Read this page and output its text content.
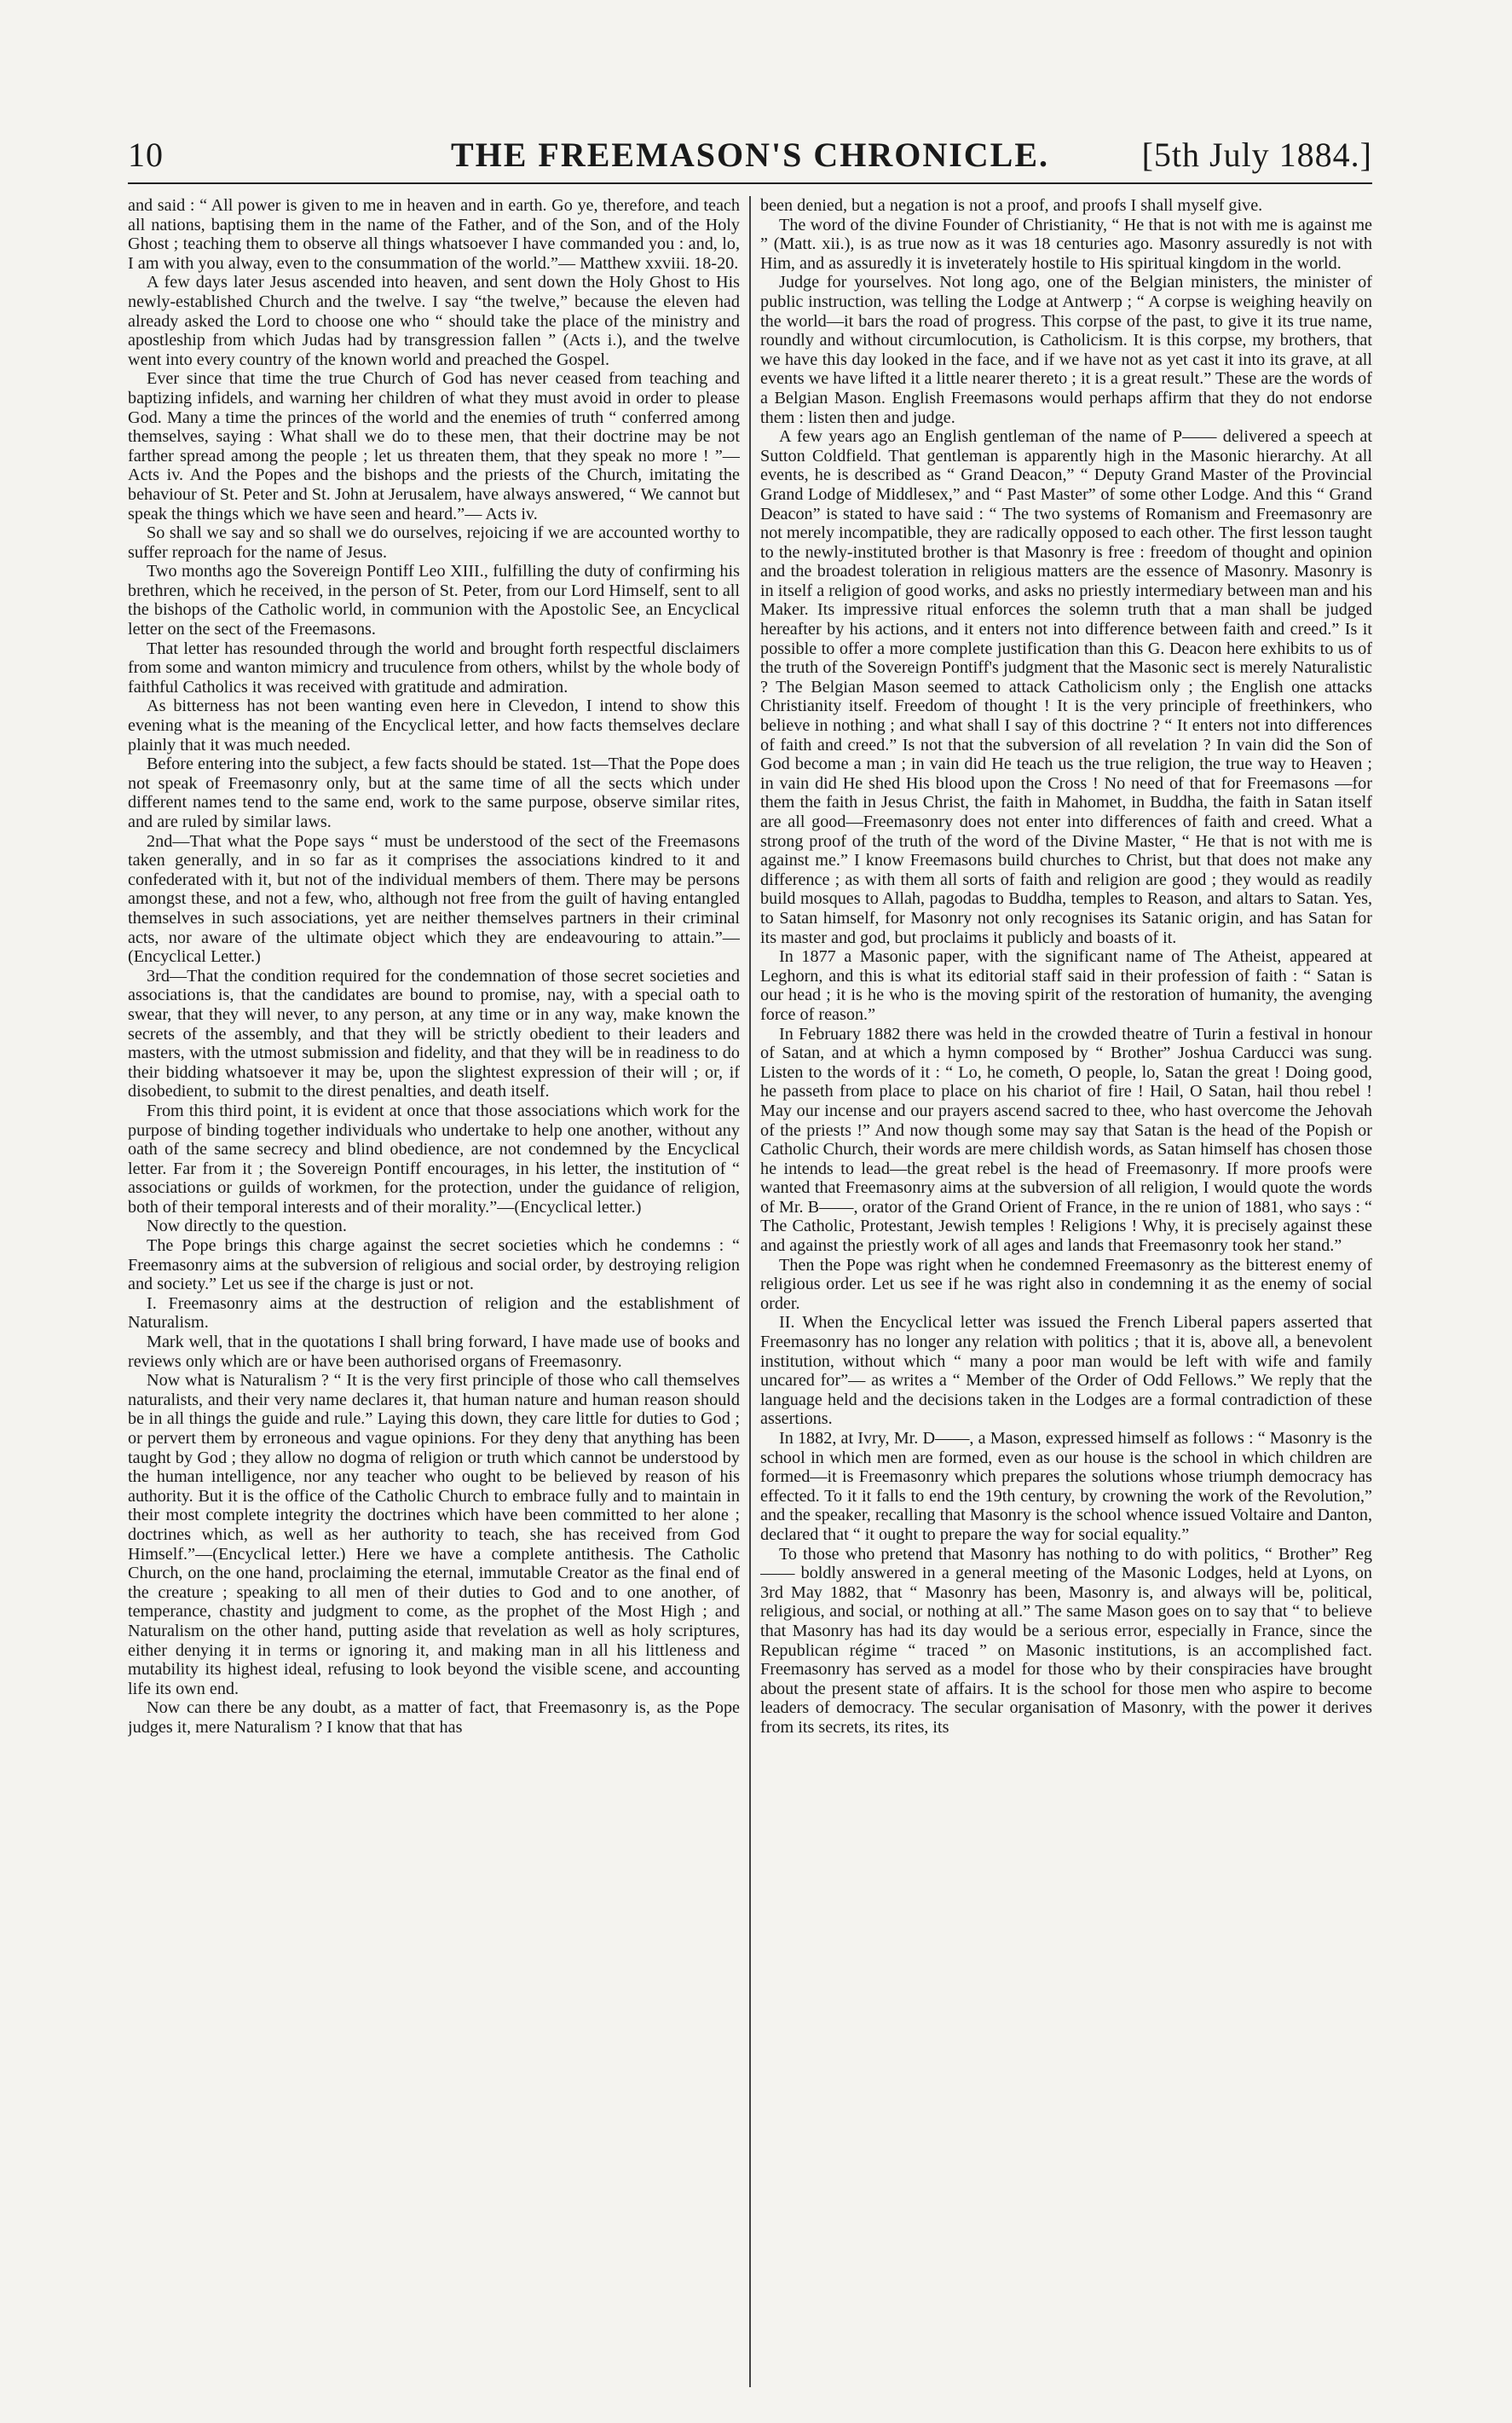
10	THE FREEMASON'S CHRONICLE.	[5th July 1884.]

and said : “ All power is given to me in heaven and in earth. Go ye, therefore, and teach all nations, baptising them in the name of the Father, and of the Son, and of the Holy Ghost ; teaching them to observe all things whatsoever I have commanded you : and, lo, I am with you alway, even to the consummation of the world.”— Matthew xxviii. 18-20.

A few days later Jesus ascended into heaven, and sent down the Holy Ghost to His newly-established Church and the twelve. I say “the twelve,” because the eleven had already asked the Lord to choose one who “ should take the place of the ministry and apostleship from which Judas had by transgression fallen ” (Acts i.), and the twelve went into every country of the known world and preached the Gospel.

Ever since that time the true Church of God has never ceased from teaching and baptizing infidels, and warning her children of what they must avoid in order to please God. Many a time the princes of the world and the enemies of truth “ conferred among themselves, saying : What shall we do to these men, that their doctrine may be not farther spread among the people ; let us threaten them, that they speak no more ! ”—Acts iv. And the Popes and the bishops and the priests of the Church, imitating the behaviour of St. Peter and St. John at Jerusalem, have always answered, “ We cannot but speak the things which we have seen and heard.”— Acts iv.

So shall we say and so shall we do ourselves, rejoicing if we are accounted worthy to suffer reproach for the name of Jesus.

Two months ago the Sovereign Pontiff Leo XIII., fulfilling the duty of confirming his brethren, which he received, in the person of St. Peter, from our Lord Himself, sent to all the bishops of the Catholic world, in communion with the Apostolic See, an Encyclical letter on the sect of the Freemasons.

That letter has resounded through the world and brought forth respectful disclaimers from some and wanton mimicry and truculence from others, whilst by the whole body of faithful Catholics it was received with gratitude and admiration.

As bitterness has not been wanting even here in Clevedon, I intend to show this evening what is the meaning of the Encyclical letter, and how facts themselves declare plainly that it was much needed.

Before entering into the subject, a few facts should be stated. 1st—That the Pope does not speak of Freemasonry only, but at the same time of all the sects which under different names tend to the same end, work to the same purpose, observe similar rites, and are ruled by similar laws.

2nd—That what the Pope says “ must be understood of the sect of the Freemasons taken generally, and in so far as it comprises the associations kindred to it and confederated with it, but not of the individual members of them. There may be persons amongst these, and not a few, who, although not free from the guilt of having entangled themselves in such associations, yet are neither themselves partners in their criminal acts, nor aware of the ultimate object which they are endeavouring to attain.”—(Encyclical Letter.)

3rd—That the condition required for the condemnation of those secret societies and associations is, that the candidates are bound to promise, nay, with a special oath to swear, that they will never, to any person, at any time or in any way, make known the secrets of the assembly, and that they will be strictly obedient to their leaders and masters, with the utmost submission and fidelity, and that they will be in readiness to do their bidding whatsoever it may be, upon the slightest expression of their will ; or, if disobedient, to submit to the direst penalties, and death itself.

From this third point, it is evident at once that those associations which work for the purpose of binding together individuals who undertake to help one another, without any oath of the same secrecy and blind obedience, are not condemned by the Encyclical letter. Far from it ; the Sovereign Pontiff encourages, in his letter, the institution of “ associations or guilds of workmen, for the protection, under the guidance of religion, both of their temporal interests and of their morality.”—(Encyclical letter.)

Now directly to the question.

The Pope brings this charge against the secret societies which he condemns : “ Freemasonry aims at the subversion of religious and social order, by destroying religion and society.” Let us see if the charge is just or not.

I. Freemasonry aims at the destruction of religion and the establishment of Naturalism.

Mark well, that in the quotations I shall bring forward, I have made use of books and reviews only which are or have been authorised organs of Freemasonry.

Now what is Naturalism ? “ It is the very first principle of those who call themselves naturalists, and their very name declares it, that human nature and human reason should be in all things the guide and rule.” Laying this down, they care little for duties to God ; or pervert them by erroneous and vague opinions. For they deny that anything has been taught by God ; they allow no dogma of religion or truth which cannot be understood by the human intelligence, nor any teacher who ought to be believed by reason of his authority. But it is the office of the Catholic Church to embrace fully and to maintain in their most complete integrity the doctrines which have been committed to her alone ; doctrines which, as well as her authority to teach, she has received from God Himself.”—(Encyclical letter.) Here we have a complete antithesis. The Catholic Church, on the one hand, proclaiming the eternal, immutable Creator as the final end of the creature ; speaking to all men of their duties to God and to one another, of temperance, chastity and judgment to come, as the prophet of the Most High ; and Naturalism on the other hand, putting aside that revelation as well as holy scriptures, either denying it in terms or ignoring it, and making man in all his littleness and mutability its highest ideal, refusing to look beyond the visible scene, and accounting life its own end.

Now can there be any doubt, as a matter of fact, that Freemasonry is, as the Pope judges it, mere Naturalism ? I know that that has

been denied, but a negation is not a proof, and proofs I shall myself give.

The word of the divine Founder of Christianity, “ He that is not with me is against me ” (Matt. xii.), is as true now as it was 18 centuries ago. Masonry assuredly is not with Him, and as assuredly it is inveterately hostile to His spiritual kingdom in the world.

Judge for yourselves. Not long ago, one of the Belgian ministers, the minister of public instruction, was telling the Lodge at Antwerp ; “ A corpse is weighing heavily on the world—it bars the road of progress. This corpse of the past, to give it its true name, roundly and without circumlocution, is Catholicism. It is this corpse, my brothers, that we have this day looked in the face, and if we have not as yet cast it into its grave, at all events we have lifted it a little nearer thereto ; it is a great result.” These are the words of a Belgian Mason. English Freemasons would perhaps affirm that they do not endorse them : listen then and judge.

A few years ago an English gentleman of the name of P—— delivered a speech at Sutton Coldfield. That gentleman is apparently high in the Masonic hierarchy. At all events, he is described as “ Grand Deacon,” “ Deputy Grand Master of the Provincial Grand Lodge of Middlesex,” and “ Past Master” of some other Lodge. And this “ Grand Deacon” is stated to have said : “ The two systems of Romanism and Freemasonry are not merely incompatible, they are radically opposed to each other. The first lesson taught to the newly-instituted brother is that Masonry is free : freedom of thought and opinion and the broadest toleration in religious matters are the essence of Masonry. Masonry is in itself a religion of good works, and asks no priestly intermediary between man and his Maker. Its impressive ritual enforces the solemn truth that a man shall be judged hereafter by his actions, and it enters not into difference between faith and creed.” Is it possible to offer a more complete justification than this G. Deacon here exhibits to us of the truth of the Sovereign Pontiff's judgment that the Masonic sect is merely Naturalistic ? The Belgian Mason seemed to attack Catholicism only ; the English one attacks Christianity itself. Freedom of thought ! It is the very principle of freethinkers, who believe in nothing ; and what shall I say of this doctrine ? “ It enters not into differences of faith and creed.” Is not that the subversion of all revelation ? In vain did the Son of God become a man ; in vain did He teach us the true religion, the true way to Heaven ; in vain did He shed His blood upon the Cross ! No need of that for Freemasons —for them the faith in Jesus Christ, the faith in Mahomet, in Buddha, the faith in Satan itself are all good—Freemasonry does not enter into differences of faith and creed. What a strong proof of the truth of the word of the Divine Master, “ He that is not with me is against me.” I know Freemasons build churches to Christ, but that does not make any difference ; as with them all sorts of faith and religion are good ; they would as readily build mosques to Allah, pagodas to Buddha, temples to Reason, and altars to Satan. Yes, to Satan himself, for Masonry not only recognises its Satanic origin, and has Satan for its master and god, but proclaims it publicly and boasts of it.

In 1877 a Masonic paper, with the significant name of The Atheist, appeared at Leghorn, and this is what its editorial staff said in their profession of faith : “ Satan is our head ; it is he who is the moving spirit of the restoration of humanity, the avenging force of reason.”

In February 1882 there was held in the crowded theatre of Turin a festival in honour of Satan, and at which a hymn composed by “ Brother” Joshua Carducci was sung. Listen to the words of it : “ Lo, he cometh, O people, lo, Satan the great ! Doing good, he passeth from place to place on his chariot of fire ! Hail, O Satan, hail thou rebel ! May our incense and our prayers ascend sacred to thee, who hast overcome the Jehovah of the priests !” And now though some may say that Satan is the head of the Popish or Catholic Church, their words are mere childish words, as Satan himself has chosen those he intends to lead—the great rebel is the head of Freemasonry. If more proofs were wanted that Freemasonry aims at the subversion of all religion, I would quote the words of Mr. B——, orator of the Grand Orient of France, in the re union of 1881, who says : “ The Catholic, Protestant, Jewish temples ! Religions ! Why, it is precisely against these and against the priestly work of all ages and lands that Freemasonry took her stand.”

Then the Pope was right when he condemned Freemasonry as the bitterest enemy of religious order. Let us see if he was right also in condemning it as the enemy of social order.

II. When the Encyclical letter was issued the French Liberal papers asserted that Freemasonry has no longer any relation with politics ; that it is, above all, a benevolent institution, without which “ many a poor man would be left with wife and family uncared for”— as writes a “ Member of the Order of Odd Fellows.” We reply that the language held and the decisions taken in the Lodges are a formal contradiction of these assertions.

In 1882, at Ivry, Mr. D——, a Mason, expressed himself as follows : “ Masonry is the school in which men are formed, even as our house is the school in which children are formed—it is Freemasonry which prepares the solutions whose triumph democracy has effected. To it it falls to end the 19th century, by crowning the work of the Revolution,” and the speaker, recalling that Masonry is the school whence issued Voltaire and Danton, declared that “ it ought to prepare the way for social equality.”

To those who pretend that Masonry has nothing to do with politics, “ Brother” Reg—— boldly answered in a general meeting of the Masonic Lodges, held at Lyons, on 3rd May 1882, that “ Masonry has been, Masonry is, and always will be, political, religious, and social, or nothing at all.” The same Mason goes on to say that “ to believe that Masonry has had its day would be a serious error, especially in France, since the Republican régime “ traced ” on Masonic institutions, is an accomplished fact. Freemasonry has served as a model for those who by their conspiracies have brought about the present state of affairs. It is the school for those men who aspire to become leaders of democracy. The secular organisation of Masonry, with the power it derives from its secrets, its rites, its
